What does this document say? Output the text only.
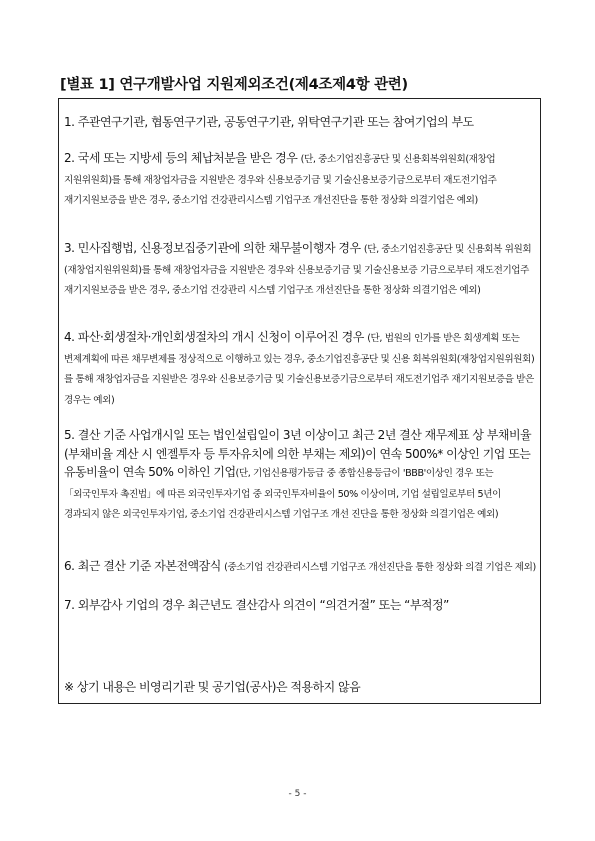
[별표 1] 연구개발사업 지원제외조건(제4조제4항 관련)
1. 주관연구기관, 협동연구기관, 공동연구기관, 위탁연구기관 또는 참여기업의 부도
2. 국세 또는 지방세 등의 체납처분을 받은 경우 (단, 중소기업진흥공단 및 신용회복위원회(재창업 지원위원회)를 통해 재창업자금을 지원받은 경우와 신용보증기금 및 기술신용보증기금으로부터 재도전기업주 재기지원보증을 받은 경우, 중소기업 건강관리시스템 기업구조 개선진단을 통한 정상화 의결기업은 예외)
3. 민사집행법, 신용정보집중기관에 의한 채무불이행자 경우 (단, 중소기업진흥공단 및 신용회복 위원회(재창업지원위원회)를 통해 재창업자금을 지원받은 경우와 신용보증기금 및 기술신용보증 기금으로부터 재도전기업주 재기지원보증을 받은 경우, 중소기업 건강관리 시스템 기업구조 개선진단을 통한 정상화 의결기업은 예외)
4. 파산·회생절차·개인회생절차의 개시 신청이 이루어진 경우 (단, 법원의 인가를 받은 회생계획 또는 변제계획에 따른 채무변제를 정상적으로 이행하고 있는 경우, 중소기업진흥공단 및 신용 회복위원회(재창업지원위원회)를 통해 재창업자금을 지원받은 경우와 신용보증기금 및 기술신용보증기금으로부터 재도전기업주 재기지원보증을 받은 경우는 예외)
5. 결산 기준 사업개시일 또는 법인설립일이 3년 이상이고 최근 2년 결산 재무제표 상 부채비율 (부채비율 계산 시 엔젤투자 등 투자유치에 의한 부채는 제외)이 연속 500%* 이상인 기업 또는 유동비율이 연속 50% 이하인 기업(단, 기업신용평가등급 중 종합신용등급이 'BBB'이상인 경우 또는 「외국인투자 촉진법」에 따른 외국인투자기업 중 외국인투자비율이 50% 이상이며, 기업 설립일로부터 5년이 경과되지 않은 외국인투자기업, 중소기업 건강관리시스템 기업구조 개선 진단을 통한 정상화 의결기업은 예외)
6. 최근 결산 기준 자본전액잠식 (중소기업 건강관리시스템 기업구조 개선진단을 통한 정상화 의결 기업은 제외)
7. 외부감사 기업의 경우 최근년도 결산감사 의견이 “의견거절” 또는 “부적정”
※ 상기 내용은 비영리기관 및 공기업(공사)은 적용하지 않음
- 5 -
